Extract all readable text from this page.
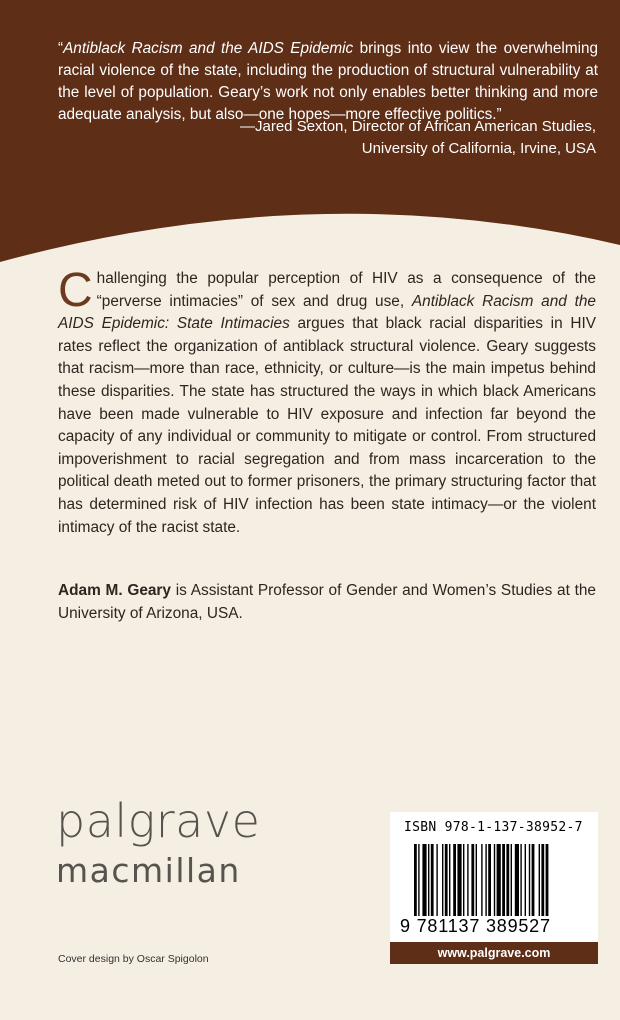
“Antiblack Racism and the AIDS Epidemic brings into view the overwhelming racial violence of the state, including the production of structural vulnerability at the level of population. Geary’s work not only enables better thinking and more adequate analysis, but also—one hopes—more effective politics.”
—Jared Sexton, Director of African American Studies,
University of California, Irvine, USA
Challenging the popular perception of HIV as a consequence of the “perverse intimacies” of sex and drug use, Antiblack Racism and the AIDS Epidemic: State Intimacies argues that black racial disparities in HIV rates reflect the organization of antiblack structural violence. Geary suggests that racism—more than race, ethnicity, or culture—is the main impetus behind these disparities. The state has structured the ways in which black Americans have been made vulnerable to HIV exposure and infection far beyond the capacity of any individual or community to mitigate or control. From structured impoverishment to racial segregation and from mass incarceration to the political death meted out to former prisoners, the primary structuring factor that has determined risk of HIV infection has been state intimacy—or the violent intimacy of the racist state.
Adam M. Geary is Assistant Professor of Gender and Women’s Studies at the University of Arizona, USA.
palgrave
macmillan
Cover design by Oscar Spigolon
ISBN 978-1-137-38952-7
9 781137 389527
www.palgrave.com
